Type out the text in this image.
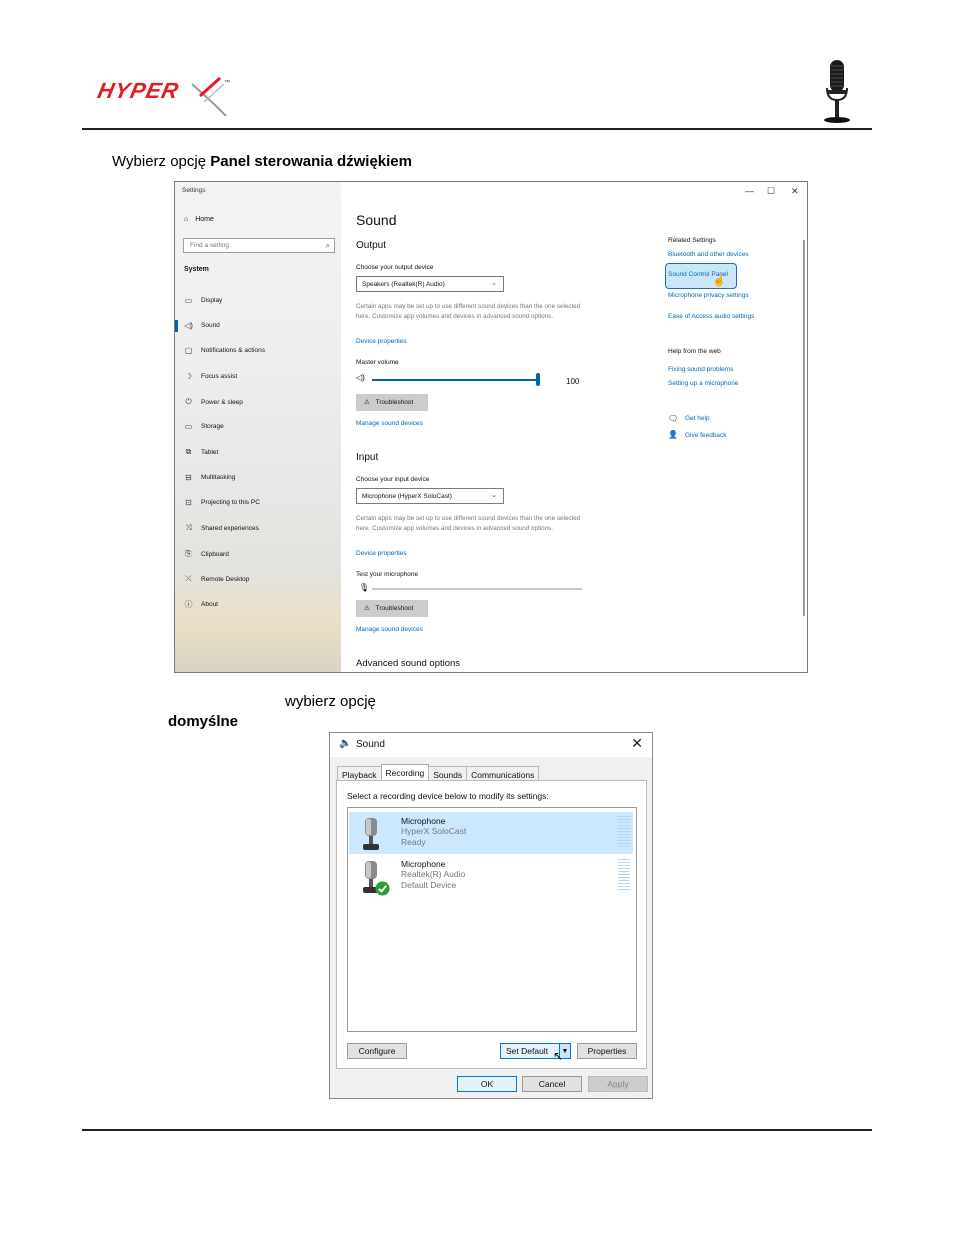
HYPER	™
Wybierz opcję Panel sterowania dźwiękiem
Settings
⌂ Home
Find a setting	⌕
System
▭ Display
◁) Sound
▢ Notifications & actions
☽ Focus assist
⏻ Power & sleep
▭ Storage
⧉ Tablet
⊟ Multitasking
⊡ Projecting to this PC
⤨ Shared experiences
⎘ Clipboard
⤫ Remote Desktop
ⓘ About
— ☐ ✕
Sound
Output
Choose your output device
Speakers (Realtek(R) Audio)	⌄
Certain apps may be set up to use different sound devices than the one selected here. Customize app volumes and devices in advanced sound options.
Device properties
Master volume
◁)	100
⚠ Troubleshoot
Manage sound devices
Input
Choose your input device
Microphone (HyperX SoloCast)	⌄
Certain apps may be set up to use different sound devices than the one selected here. Customize app volumes and devices in advanced sound options.
Device properties
Test your microphone
🎙
⚠ Troubleshoot
Manage sound devices
Advanced sound options
Related Settings
Bluetooth and other devices
Sound Control Panel
☝
Microphone privacy settings
Ease of Access audio settings
Help from the web
Fixing sound problems
Setting up a microphone
🗨 Get help
👤 Give feedback
wybierz opcję
domyślne
🔈 Sound	✕
Playback	Recording	Sounds	Communications
Select a recording device below to modify its settings:
Microphone
HyperX SoloCast
Ready
Microphone
Realtek(R) Audio
Default Device
Configure	Set Default	▼
↖	Properties
OK	Cancel	Apply
